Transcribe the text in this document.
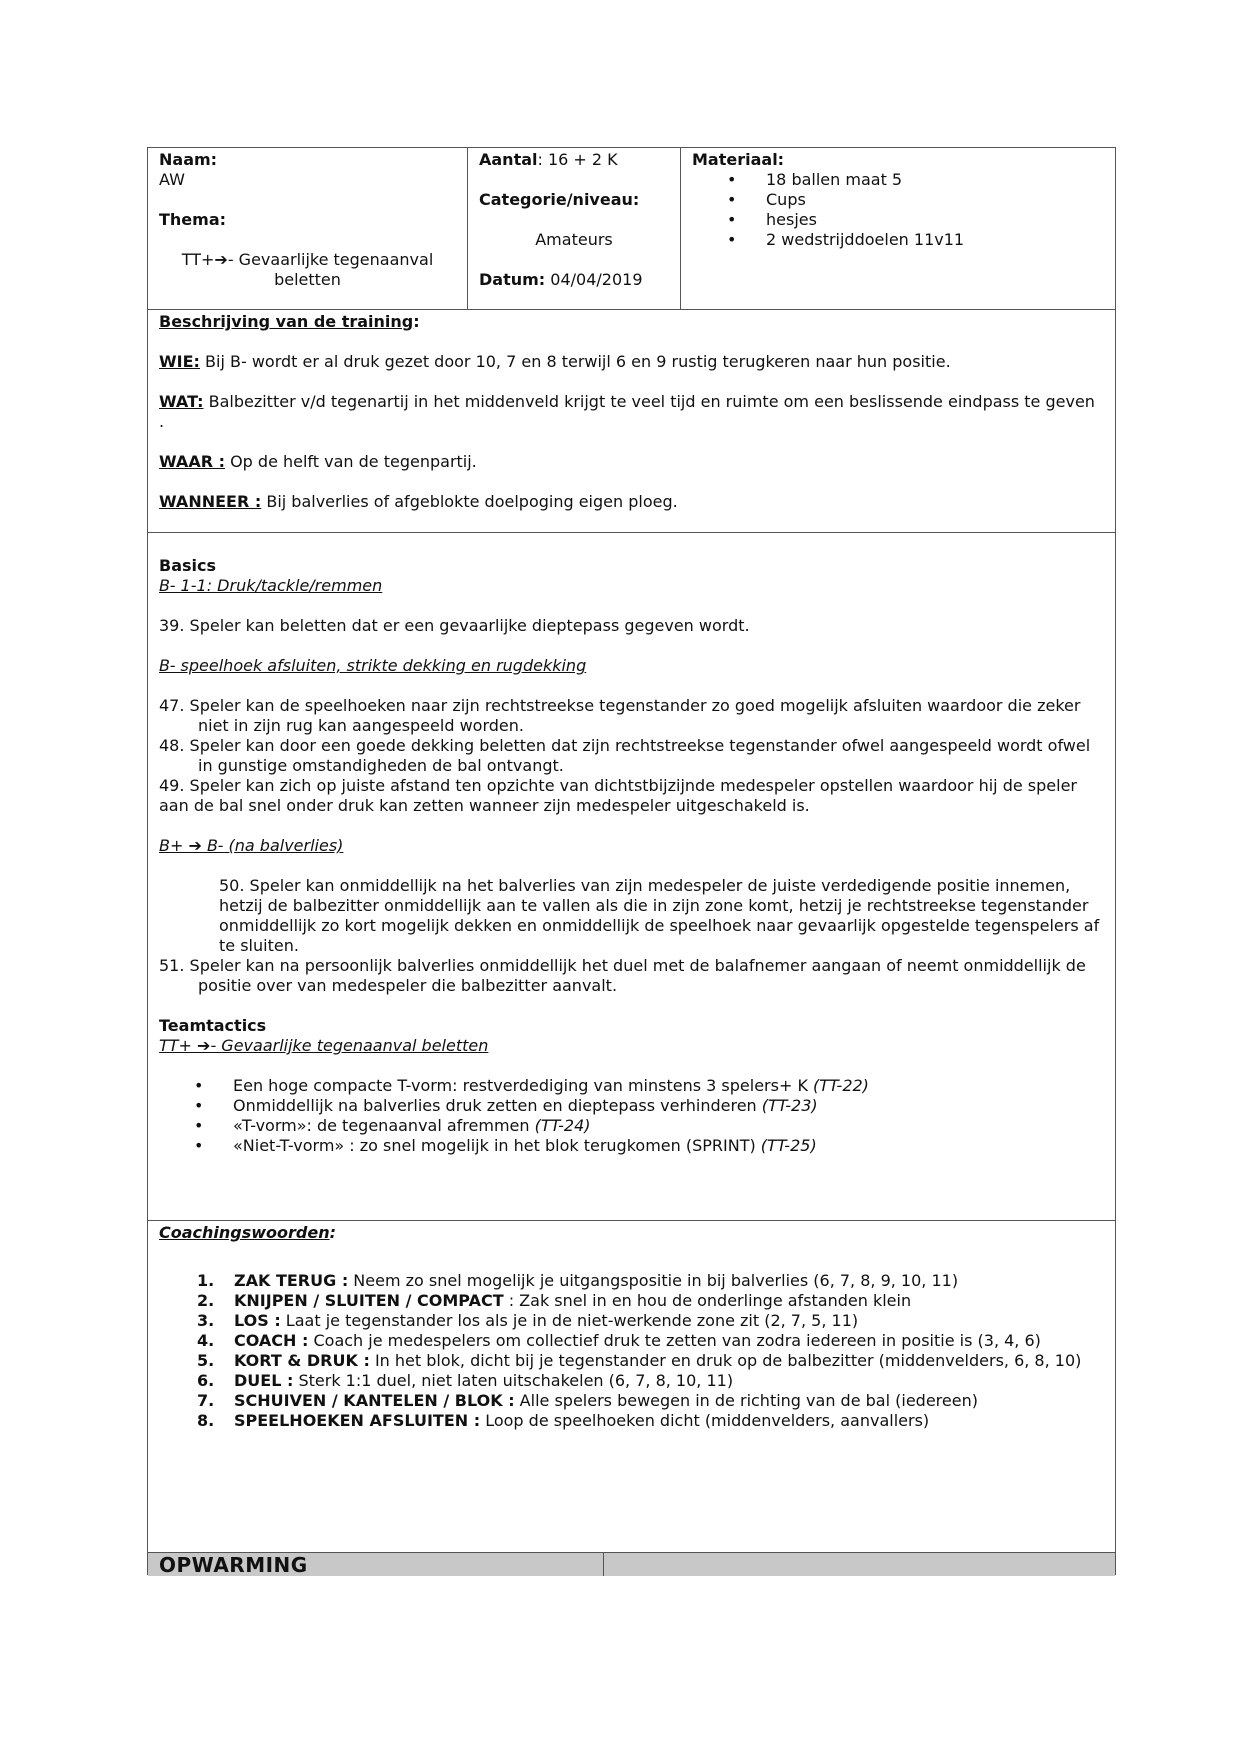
Naam:
AW
Thema:
TT+➔- Gevaarlijke tegenaanval beletten
Aantal: 16 + 2 K
Categorie/niveau:
Amateurs
Datum: 04/04/2019
Materiaal:
• 18 ballen maat 5
• Cups
• hesjes
• 2 wedstrijddoelen 11v11
Beschrijving van de training:
WIE: Bij B- wordt er al druk gezet door 10, 7 en 8 terwijl 6 en 9 rustig terugkeren naar hun positie.
WAT: Balbezitter v/d tegenartij in het middenveld krijgt te veel tijd en ruimte om een beslissende eindpass te geven .
WAAR : Op de helft van de tegenpartij.
WANNEER : Bij balverlies of afgeblokte doelpoging eigen ploeg.
Basics
B- 1-1: Druk/tackle/remmen
39. Speler kan beletten dat er een gevaarlijke dieptepass gegeven wordt.
B- speelhoek afsluiten, strikte dekking en rugdekking
47. Speler kan de speelhoeken naar zijn rechtstreekse tegenstander zo goed mogelijk afsluiten waardoor die zeker niet in zijn rug kan aangespeeld worden.
48. Speler kan door een goede dekking beletten dat zijn rechtstreekse tegenstander ofwel aangespeeld wordt ofwel in gunstige omstandigheden de bal ontvangt.
49. Speler kan zich op juiste afstand ten opzichte van dichtstbijzijnde medespeler opstellen waardoor hij de speler aan de bal snel onder druk kan zetten wanneer zijn medespeler uitgeschakeld is.
B+ ➔ B- (na balverlies)
50. Speler kan onmiddellijk na het balverlies van zijn medespeler de juiste verdedigende positie innemen, hetzij de balbezitter onmiddellijk aan te vallen als die in zijn zone komt, hetzij je rechtstreekse tegenstander onmiddellijk zo kort mogelijk dekken en onmiddellijk de speelhoek naar gevaarlijk opgestelde tegenspelers af te sluiten.
51. Speler kan na persoonlijk balverlies onmiddellijk het duel met de balafnemer aangaan of neemt onmiddellijk de positie over van medespeler die balbezitter aanvalt.
Teamtactics
TT+ ➔- Gevaarlijke tegenaanval beletten
• Een hoge compacte T-vorm: restverdediging van minstens 3 spelers+ K (TT-22)
• Onmiddellijk na balverlies druk zetten en dieptepass verhinderen (TT-23)
• «T-vorm»: de tegenaanval afremmen (TT-24)
• «Niet-T-vorm» : zo snel mogelijk in het blok terugkomen (SPRINT) (TT-25)
Coachingswoorden:
1. ZAK TERUG : Neem zo snel mogelijk je uitgangspositie in bij balverlies (6, 7, 8, 9, 10, 11)
2. KNIJPEN / SLUITEN / COMPACT : Zak snel in en hou de onderlinge afstanden klein
3. LOS : Laat je tegenstander los als je in de niet-werkende zone zit (2, 7, 5, 11)
4. COACH : Coach je medespelers om collectief druk te zetten van zodra iedereen in positie is (3, 4, 6)
5. KORT & DRUK : In het blok, dicht bij je tegenstander en druk op de balbezitter (middenvelders, 6, 8, 10)
6. DUEL : Sterk 1:1 duel, niet laten uitschakelen (6, 7, 8, 10, 11)
7. SCHUIVEN / KANTELEN / BLOK : Alle spelers bewegen in de richting van de bal (iedereen)
8. SPEELHOEKEN AFSLUITEN : Loop de speelhoeken dicht (middenvelders, aanvallers)
OPWARMING
